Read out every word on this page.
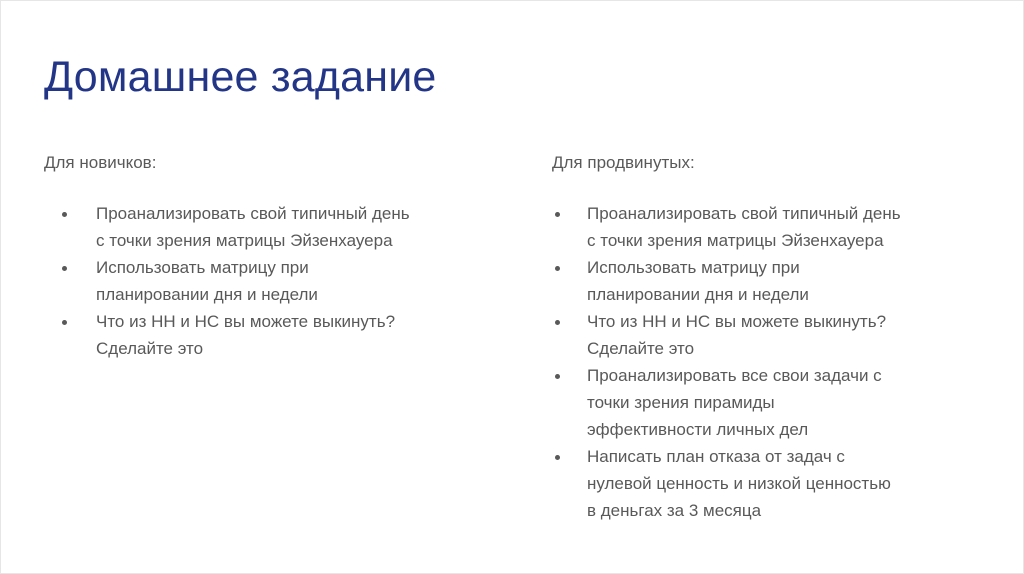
Домашнее задание
Для новичков:
Проанализировать свой типичный день
с точки зрения матрицы Эйзенхауера
Использовать матрицу при
планировании дня и недели
Что из НН и НС вы можете выкинуть?
Сделайте это
Для продвинутых:
Проанализировать свой типичный день
с точки зрения матрицы Эйзенхауера
Использовать матрицу при
планировании дня и недели
Что из НН и НС вы можете выкинуть?
Сделайте это
Проанализировать все свои задачи с
точки зрения пирамиды
эффективности личных дел
Написать план отказа от задач с
нулевой ценность и низкой ценностью
в деньгах за 3 месяца
